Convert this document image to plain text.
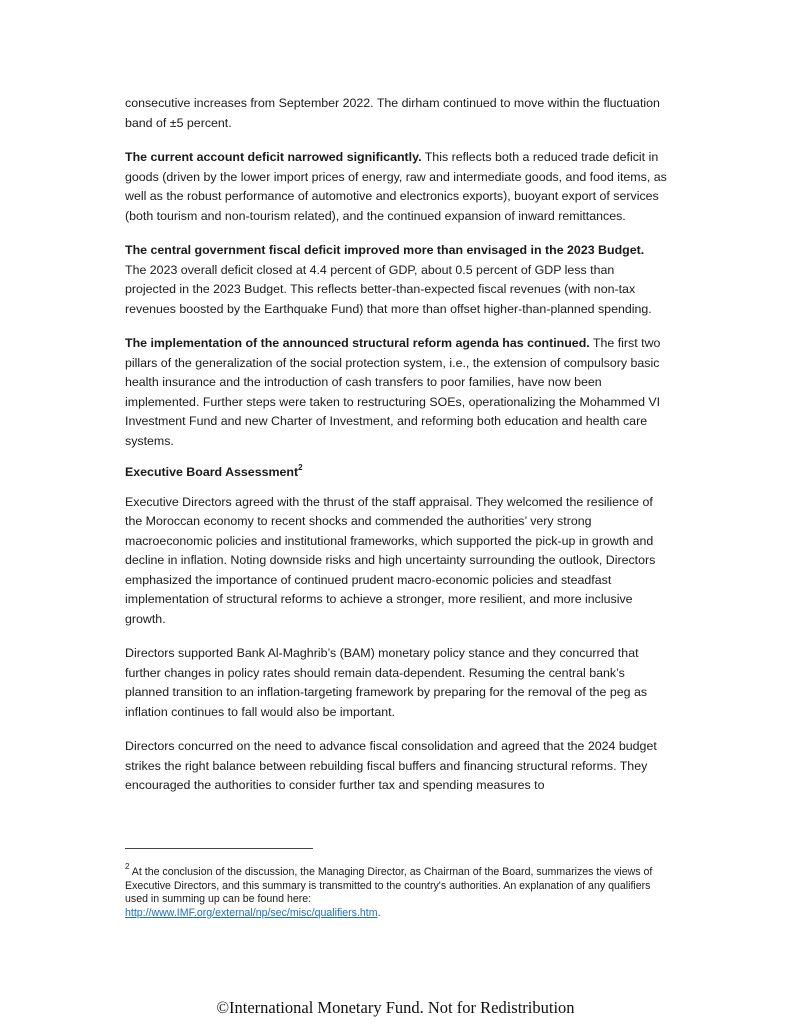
consecutive increases from September 2022. The dirham continued to move within the fluctuation band of ±5 percent.

The current account deficit narrowed significantly. This reflects both a reduced trade deficit in goods (driven by the lower import prices of energy, raw and intermediate goods, and food items, as well as the robust performance of automotive and electronics exports), buoyant export of services (both tourism and non-tourism related), and the continued expansion of inward remittances.

The central government fiscal deficit improved more than envisaged in the 2023 Budget. The 2023 overall deficit closed at 4.4 percent of GDP, about 0.5 percent of GDP less than projected in the 2023 Budget. This reflects better-than-expected fiscal revenues (with non-tax revenues boosted by the Earthquake Fund) that more than offset higher-than-planned spending.

The implementation of the announced structural reform agenda has continued. The first two pillars of the generalization of the social protection system, i.e., the extension of compulsory basic health insurance and the introduction of cash transfers to poor families, have now been implemented. Further steps were taken to restructuring SOEs, operationalizing the Mohammed VI Investment Fund and new Charter of Investment, and reforming both education and health care systems.

Executive Board Assessment$^2$

Executive Directors agreed with the thrust of the staff appraisal. They welcomed the resilience of the Moroccan economy to recent shocks and commended the authorities’ very strong macroeconomic policies and institutional frameworks, which supported the pick-up in growth and decline in inflation. Noting downside risks and high uncertainty surrounding the outlook, Directors emphasized the importance of continued prudent macro-economic policies and steadfast implementation of structural reforms to achieve a stronger, more resilient, and more inclusive growth.

Directors supported Bank Al-Maghrib’s (BAM) monetary policy stance and they concurred that further changes in policy rates should remain data-dependent. Resuming the central bank’s planned transition to an inflation-targeting framework by preparing for the removal of the peg as inflation continues to fall would also be important.

Directors concurred on the need to advance fiscal consolidation and agreed that the 2024 budget strikes the right balance between rebuilding fiscal buffers and financing structural reforms. They encouraged the authorities to consider further tax and spending measures to

$^2$ At the conclusion of the discussion, the Managing Director, as Chairman of the Board, summarizes the views of Executive Directors, and this summary is transmitted to the country's authorities. An explanation of any qualifiers used in summing up can be found here:
http://www.IMF.org/external/np/sec/misc/qualifiers.htm.
©International Monetary Fund. Not for Redistribution
